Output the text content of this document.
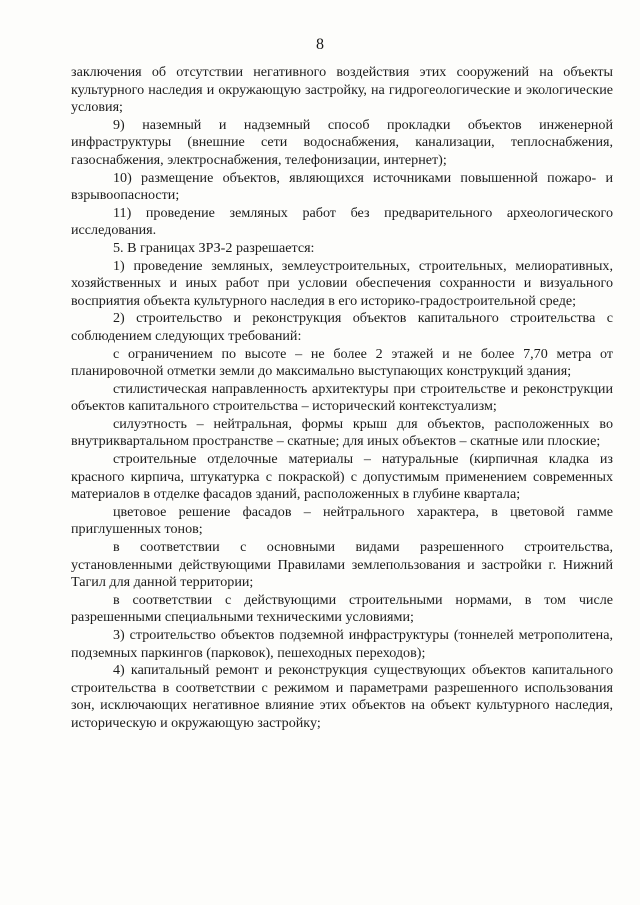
8

заключения об отсутствии негативного воздействия этих сооружений на объекты культурного наследия и окружающую застройку, на гидрогеологические и экологические условия;

9) наземный и надземный способ прокладки объектов инженерной инфраструктуры (внешние сети водоснабжения, канализации, теплоснабжения, газоснабжения, электроснабжения, телефонизации, интернет);

10) размещение объектов, являющихся источниками повышенной пожаро- и взрывоопасности;

11) проведение земляных работ без предварительного археологического исследования.

5. В границах ЗРЗ-2 разрешается:

1) проведение земляных, землеустроительных, строительных, мелиоративных, хозяйственных и иных работ при условии обеспечения сохранности и визуального восприятия объекта культурного наследия в его историко-градостроительной среде;

2) строительство и реконструкция объектов капитального строительства с соблюдением следующих требований:

с ограничением по высоте – не более 2 этажей и не более 7,70 метра от планировочной отметки земли до максимально выступающих конструкций здания;

стилистическая направленность архитектуры при строительстве и реконструкции объектов капитального строительства – исторический контекстуализм;

силуэтность – нейтральная, формы крыш для объектов, расположенных во внутриквартальном пространстве – скатные; для иных объектов – скатные или плоские;

строительные отделочные материалы – натуральные (кирпичная кладка из красного кирпича, штукатурка с покраской) с допустимым применением современных материалов в отделке фасадов зданий, расположенных в глубине квартала;

цветовое решение фасадов – нейтрального характера, в цветовой гамме приглушенных тонов;

в соответствии с основными видами разрешенного строительства, установленными действующими Правилами землепользования и застройки г. Нижний Тагил для данной территории;

в соответствии с действующими строительными нормами, в том числе разрешенными специальными техническими условиями;

3) строительство объектов подземной инфраструктуры (тоннелей метрополитена, подземных паркингов (парковок), пешеходных переходов);

4) капитальный ремонт и реконструкция существующих объектов капитального строительства в соответствии с режимом и параметрами разрешенного использования зон, исключающих негативное влияние этих объектов на объект культурного наследия, историческую и окружающую застройку;
